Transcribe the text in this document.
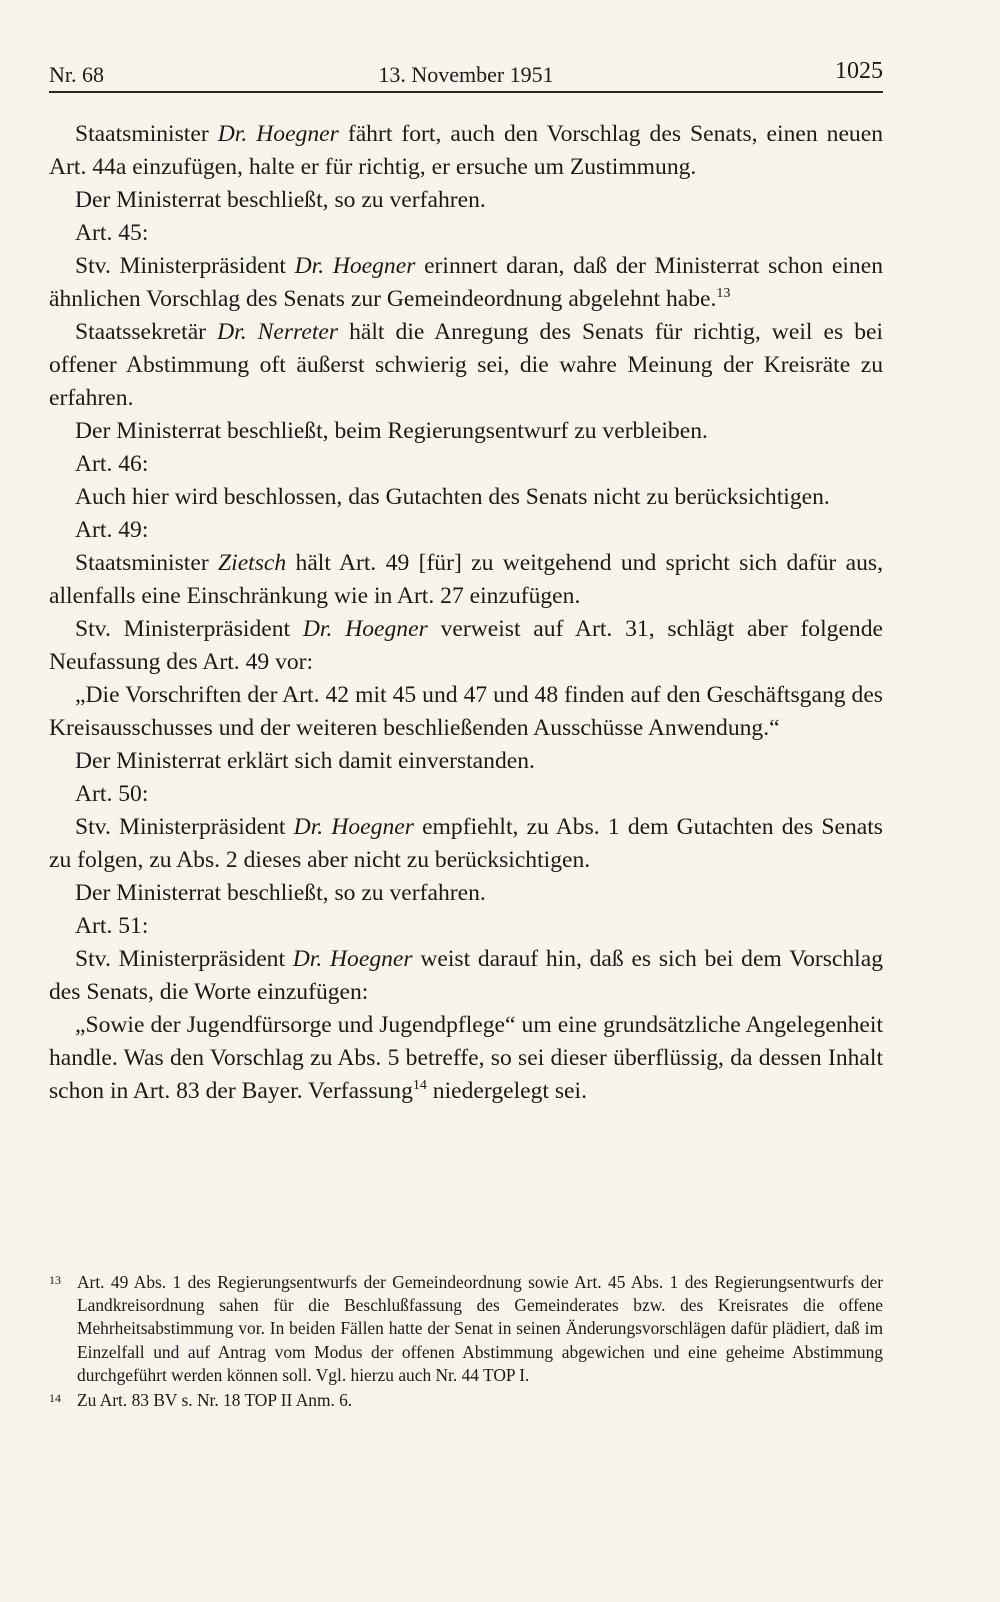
Nr. 68	13. November 1951	1025

Staatsminister Dr. Hoegner fährt fort, auch den Vorschlag des Senats, einen neuen Art. 44a einzufügen, halte er für richtig, er ersuche um Zustimmung.

Der Ministerrat beschließt, so zu verfahren.

Art. 45:

Stv. Ministerpräsident Dr. Hoegner erinnert daran, daß der Ministerrat schon einen ähnlichen Vorschlag des Senats zur Gemeindeordnung abgelehnt habe.$^{13}$

Staatssekretär Dr. Nerreter hält die Anregung des Senats für richtig, weil es bei offener Abstimmung oft äußerst schwierig sei, die wahre Meinung der Kreisräte zu erfahren.

Der Ministerrat beschließt, beim Regierungsentwurf zu verbleiben.

Art. 46:

Auch hier wird beschlossen, das Gutachten des Senats nicht zu berücksichtigen.

Art. 49:

Staatsminister Zietsch hält Art. 49 [für] zu weitgehend und spricht sich dafür aus, allenfalls eine Einschränkung wie in Art. 27 einzufügen.

Stv. Ministerpräsident Dr. Hoegner verweist auf Art. 31, schlägt aber folgende Neufassung des Art. 49 vor:

„Die Vorschriften der Art. 42 mit 45 und 47 und 48 finden auf den Geschäftsgang des Kreisausschusses und der weiteren beschließenden Ausschüsse Anwendung.“

Der Ministerrat erklärt sich damit einverstanden.

Art. 50:

Stv. Ministerpräsident Dr. Hoegner empfiehlt, zu Abs. 1 dem Gutachten des Senats zu folgen, zu Abs. 2 dieses aber nicht zu berücksichtigen.

Der Ministerrat beschließt, so zu verfahren.

Art. 51:

Stv. Ministerpräsident Dr. Hoegner weist darauf hin, daß es sich bei dem Vorschlag des Senats, die Worte einzufügen:

„Sowie der Jugendfürsorge und Jugendpflege“ um eine grundsätzliche Angelegenheit handle. Was den Vorschlag zu Abs. 5 betreffe, so sei dieser überflüssig, da dessen Inhalt schon in Art. 83 der Bayer. Verfassung$^{14}$ niedergelegt sei.

13 Art. 49 Abs. 1 des Regierungsentwurfs der Gemeindeordnung sowie Art. 45 Abs. 1 des Regierungsentwurfs der Landkreisordnung sahen für die Beschlußfassung des Gemeinderates bzw. des Kreisrates die offene Mehrheitsabstimmung vor. In beiden Fällen hatte der Senat in seinen Änderungsvorschlägen dafür plädiert, daß im Einzelfall und auf Antrag vom Modus der offenen Abstimmung abgewichen und eine geheime Abstimmung durchgeführt werden können soll. Vgl. hierzu auch Nr. 44 TOP I.
14 Zu Art. 83 BV s. Nr. 18 TOP II Anm. 6.
